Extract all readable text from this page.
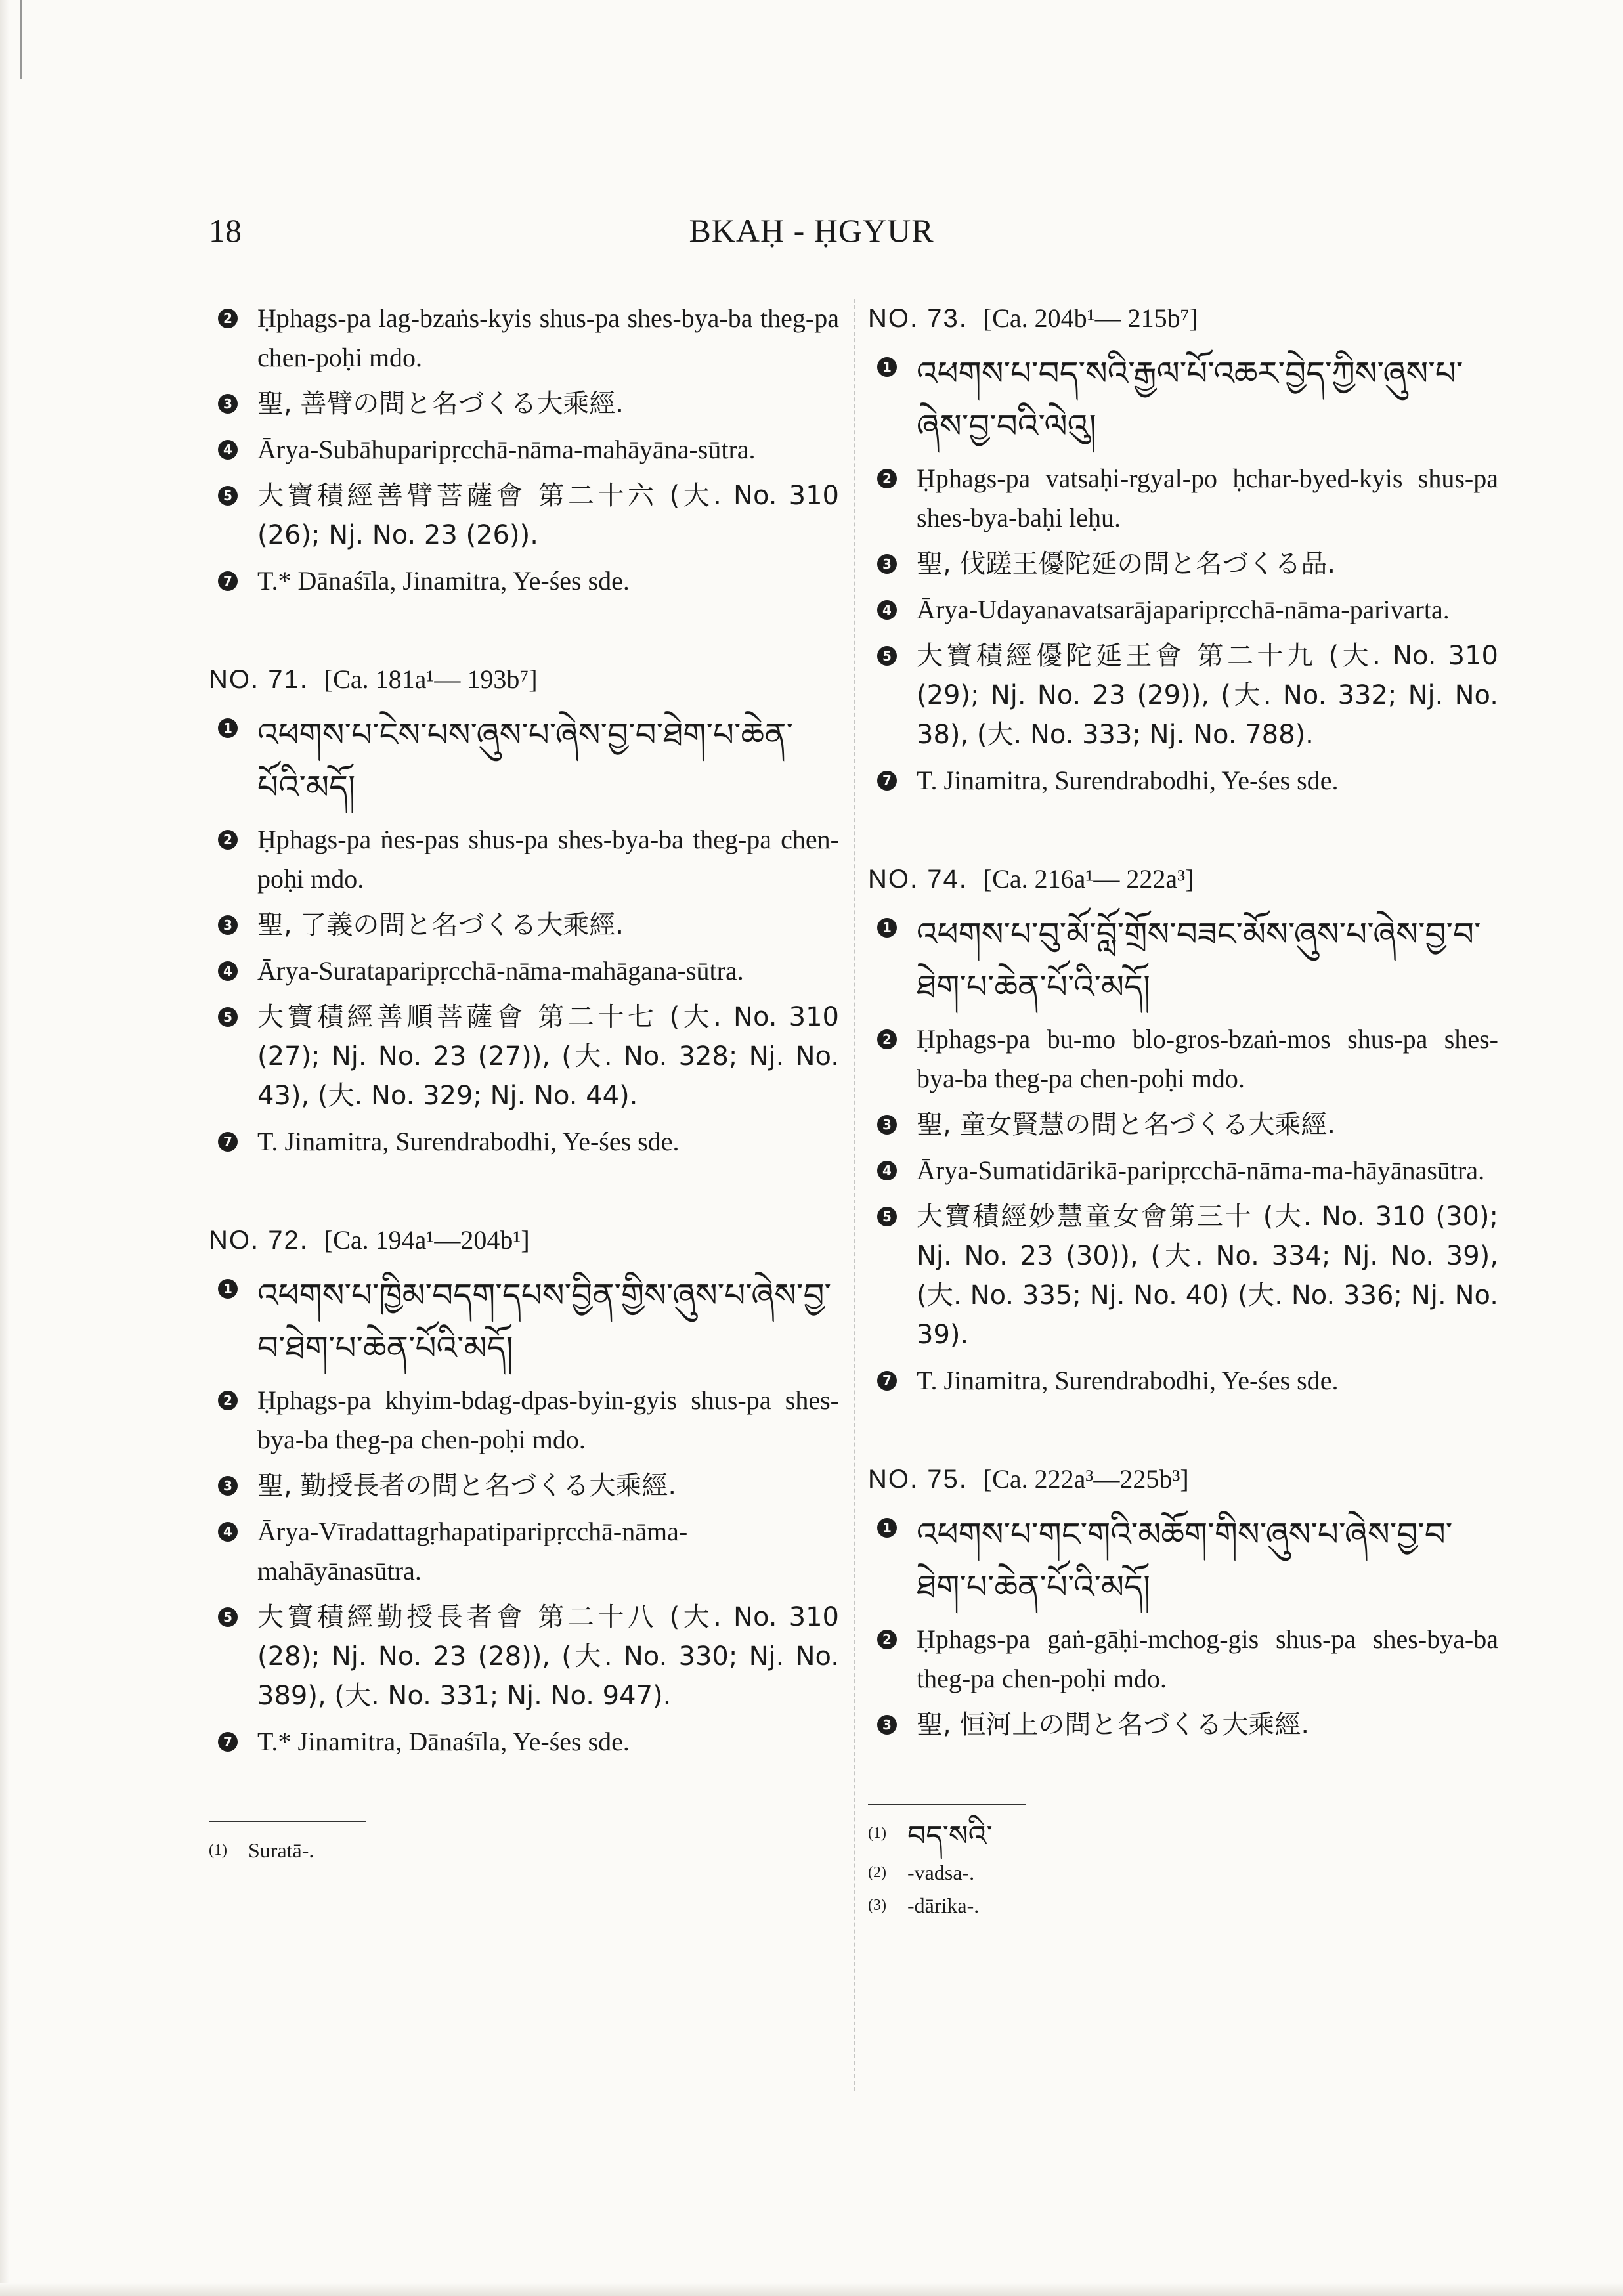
18	BKAḤ - ḤGYUR
2 Ḥphags-pa lag-bzaṅs-kyis shus-pa shes-bya-ba theg-pa chen-poḥi mdo.
3 聖, 善臂の問と名づくる大乘經.
4 Ārya-Subāhuparipṛcchā-nāma-mahāyāna-sūtra.
5 大寶積經善臂菩薩會 第二十六 (大. No. 310 (26); Nj. No. 23 (26)).
7 T.* Dānaśīla, Jinamitra, Ye-śes sde.
NO. 71. [Ca. 181a¹— 193b⁷]
1 འཕགས་པ་ངེས་པས་ཞུས་པ་ཞེས་བྱ་བ་ཐེག་པ་ཆེན་པོའི་མདོ།
2 Ḥphags-pa ṅes-pas shus-pa shes-bya-ba theg-pa chen-poḥi mdo.
3 聖, 了義の問と名づくる大乘經.
4 Ārya-Surataparipṛcchā-nāma-mahāgana-sūtra.
5 大寶積經善順菩薩會 第二十七 (大. No. 310 (27); Nj. No. 23 (27)), (大. No. 328; Nj. No. 43), (大. No. 329; Nj. No. 44).
7 T. Jinamitra, Surendrabodhi, Ye-śes sde.
NO. 72. [Ca. 194a¹—204b¹]
1 འཕགས་པ་ཁྱིམ་བདག་དཔས་བྱིན་གྱིས་ཞུས་པ་ཞེས་བྱ་བ་ཐེག་པ་ཆེན་པོའི་མདོ།
2 Ḥphags-pa khyim-bdag-dpas-byin-gyis shus-pa shes-bya-ba theg-pa chen-poḥi mdo.
3 聖, 勤授長者の問と名づくる大乘經.
4 Ārya-Vīradattagṛhapatiparipṛcchā-nāma-mahāyānasūtra.
5 大寶積經勤授長者會 第二十八 (大. No. 310 (28); Nj. No. 23 (28)), (大. No. 330; Nj. No. 389), (大. No. 331; Nj. No. 947).
7 T.* Jinamitra, Dānaśīla, Ye-śes sde.
(1)	Suratā-.
NO. 73. [Ca. 204b¹— 215b⁷]
1 འཕགས་པ་བད་སའི་རྒྱལ་པོ་འཆར་བྱེད་ཀྱིས་ཞུས་པ་ཞེས་བྱ་བའི་ལེའུ།
2 Ḥphags-pa vatsaḥi-rgyal-po ḥchar-byed-kyis shus-pa shes-bya-baḥi leḥu.
3 聖, 伐蹉王優陀延の問と名づくる品.
4 Ārya-Udayanavatsarājaparipṛcchā-nāma-parivarta.
5 大寶積經優陀延王會 第二十九 (大. No. 310 (29); Nj. No. 23 (29)), (大. No. 332; Nj. No. 38), (大. No. 333; Nj. No. 788).
7 T. Jinamitra, Surendrabodhi, Ye-śes sde.
NO. 74. [Ca. 216a¹— 222a³]
1 འཕགས་པ་བུ་མོ་བློ་གྲོས་བཟང་མོས་ཞུས་པ་ཞེས་བྱ་བ་ཐེག་པ་ཆེན་པོ་འི་མདོ།
2 Ḥphags-pa bu-mo blo-gros-bzaṅ-mos shus-pa shes-bya-ba theg-pa chen-poḥi mdo.
3 聖, 童女賢慧の問と名づくる大乘經.
4 Ārya-Sumatidārikā-paripṛcchā-nāma-ma-hāyānasūtra.
5 大寶積經妙慧童女會第三十 (大. No. 310 (30); Nj. No. 23 (30)), (大. No. 334; Nj. No. 39), (大. No. 335; Nj. No. 40) (大. No. 336; Nj. No. 39).
7 T. Jinamitra, Surendrabodhi, Ye-śes sde.
NO. 75. [Ca. 222a³—225b³]
1 འཕགས་པ་གང་གའི་མཆོག་གིས་ཞུས་པ་ཞེས་བྱ་བ་ཐེག་པ་ཆེན་པོ་འི་མདོ།
2 Ḥphags-pa gaṅ-gāḥi-mchog-gis shus-pa shes-bya-ba theg-pa chen-poḥi mdo.
3 聖, 恒河上の問と名づくる大乘經.
(1) བད་སའི་
(2)	-vadsa-.
(3)	-dārika-.
